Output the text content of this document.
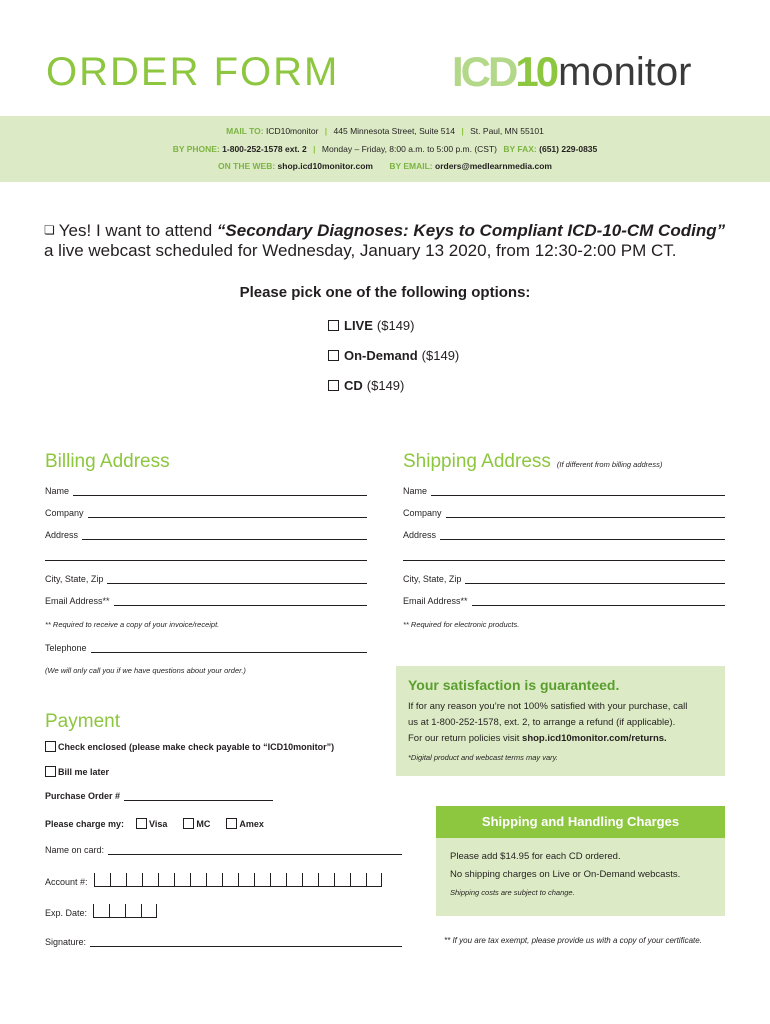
ORDER FORM	ICD 10 monitor
MAIL TO: ICD10monitor | 445 Minnesota Street, Suite 514 | St. Paul, MN 55101
BY PHONE: 1-800-252-1578 ext. 2 | Monday – Friday, 8:00 a.m. to 5:00 p.m. (CST) BY FAX: (651) 229-0835
ON THE WEB: shop.icd10monitor.com BY EMAIL: orders@medlearnmedia.com
❏ Yes! I want to attend “Secondary Diagnoses: Keys to Compliant ICD-10-CM Coding” a live webcast scheduled for Wednesday, January 13 2020, from 12:30-2:00 PM CT.
Please pick one of the following options:
LIVE ($149)
On-Demand ($149)
CD ($149)
Billing Address
Name
Company
Address
City, State, Zip
Email Address**
** Required to receive a copy of your invoice/receipt.
Telephone
(We will only call you if we have questions about your order.)
Shipping Address (If different from billing address)
Name
Company
Address
City, State, Zip
Email Address**
** Required for electronic products.
Your satisfaction is guaranteed.
If for any reason you’re not 100% satisfied with your purchase, call
us at 1-800-252-1578, ext. 2, to arrange a refund (if applicable).
For our return policies visit shop.icd10monitor.com/returns.
*Digital product and webcast terms may vary.
Payment
Check enclosed (please make check payable to “ICD10monitor”)
Bill me later
Purchase Order #
Please charge my:	Visa	MC	Amex
Name on card:
Account #:
Exp. Date:
Signature:
Shipping and Handling Charges
Please add $14.95 for each CD ordered.
No shipping charges on Live or On-Demand webcasts.
Shipping costs are subject to change.
** If you are tax exempt, please provide us with a copy of your certificate.
